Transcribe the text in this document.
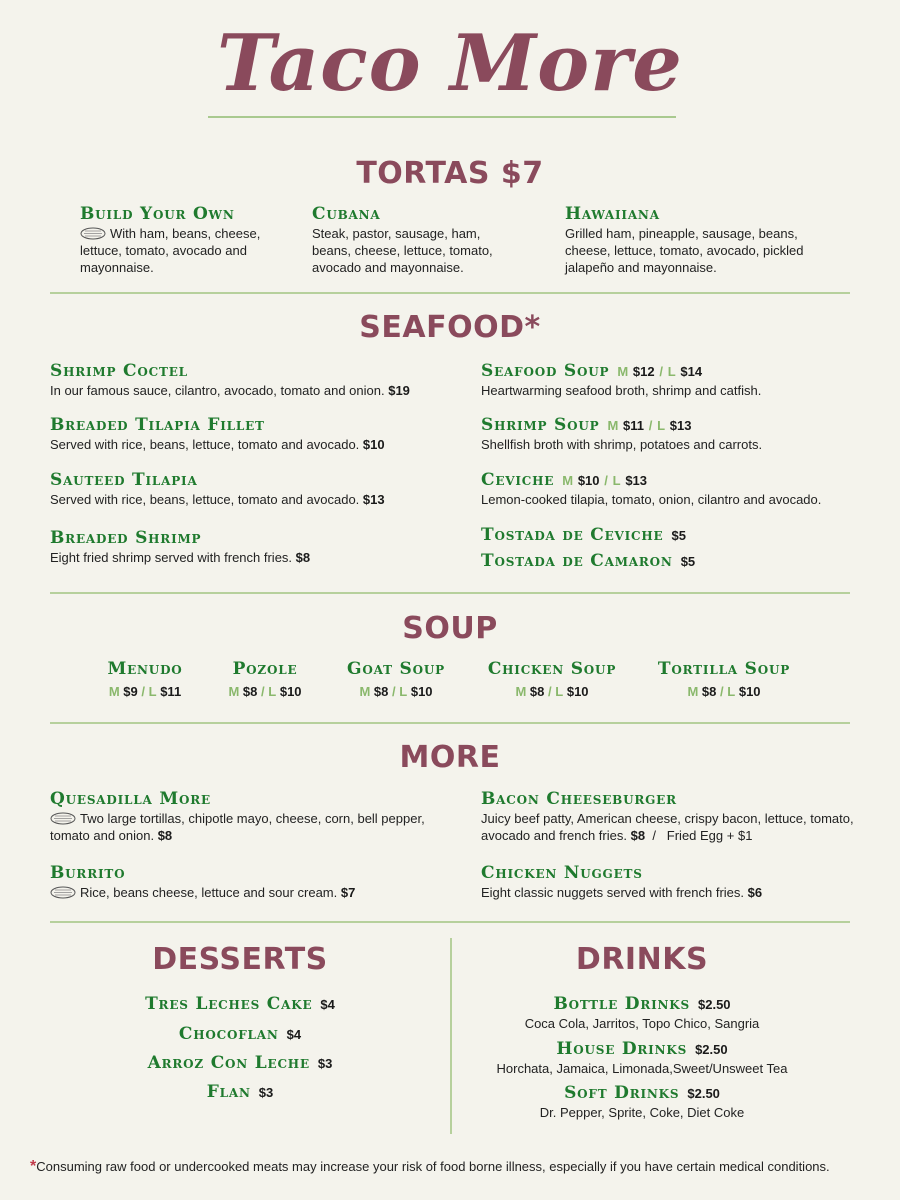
Taco More
TORTAS $7
Build Your Own
With ham, beans, cheese, lettuce, tomato, avocado and mayonnaise.
Cubana
Steak, pastor, sausage, ham, beans, cheese, lettuce, tomato, avocado and mayonnaise.
Hawaiiana
Grilled ham, pineapple, sausage, beans, cheese, lettuce, tomato, avocado, pickled jalapeño and mayonnaise.
SEAFOOD*
Shrimp Coctel
In our famous sauce, cilantro, avocado, tomato and onion. $19
Breaded Tilapia Fillet
Served with rice, beans, lettuce, tomato and avocado. $10
Sauteed Tilapia
Served with rice, beans, lettuce, tomato and avocado. $13
Breaded Shrimp
Eight fried shrimp served with french fries. $8
Seafood Soup M $12 / L $14
Heartwarming seafood broth, shrimp and catfish.
Shrimp Soup M $11 / L $13
Shellfish broth with shrimp, potatoes and carrots.
Ceviche M $10 / L $13
Lemon-cooked tilapia, tomato, onion, cilantro and avocado.
Tostada de Ceviche $5
Tostada de Camaron $5
SOUP
Menudo
M $9 / L $11
Pozole
M $8 / L $10
Goat Soup
M $8 / L $10
Chicken Soup
M $8 / L $10
Tortilla Soup
M $8 / L $10
MORE
Quesadilla More
Two large tortillas, chipotle mayo, cheese, corn, bell pepper, tomato and onion. $8
Burrito
Rice, beans cheese, lettuce and sour cream. $7
Bacon Cheeseburger
Juicy beef patty, American cheese, crispy bacon, lettuce, tomato, avocado and french fries. $8 / Fried Egg + $1
Chicken Nuggets
Eight classic nuggets served with french fries. $6
DESSERTS
Tres Leches Cake $4
Chocoflan $4
Arroz Con Leche $3
Flan $3
DRINKS
Bottle Drinks $2.50
Coca Cola, Jarritos, Topo Chico, Sangria
House Drinks $2.50
Horchata, Jamaica, Limonada,Sweet/Unsweet Tea
Soft Drinks $2.50
Dr. Pepper, Sprite, Coke, Diet Coke
*Consuming raw food or undercooked meats may increase your risk of food borne illness, especially if you have certain medical conditions.
